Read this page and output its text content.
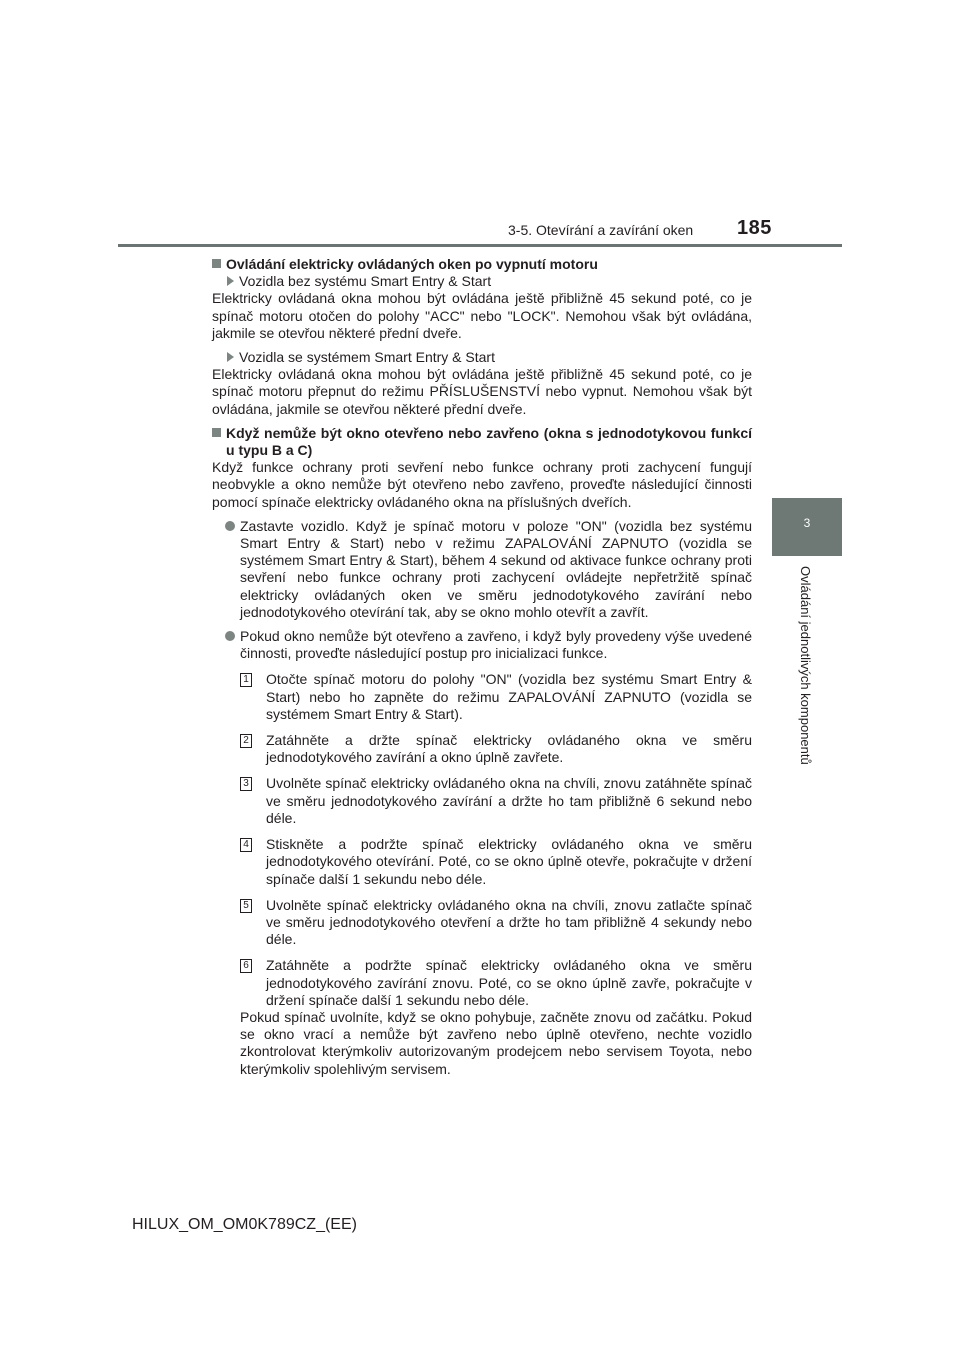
3-5. Otevírání a zavírání oken 185
3
Ovládání jednotlivých komponentů
Ovládání elektricky ovládaných oken po vypnutí motoru
Vozidla bez systému Smart Entry & Start

Elektricky ovládaná okna mohou být ovládána ještě přibližně 45 sekund poté, co je spínač motoru otočen do polohy "ACC" nebo "LOCK". Nemohou však být ovládána, jakmile se otevřou některé přední dveře.

Vozidla se systémem Smart Entry & Start

Elektricky ovládaná okna mohou být ovládána ještě přibližně 45 sekund poté, co je spínač motoru přepnut do režimu PŘÍSLUŠENSTVÍ nebo vypnut. Nemohou však být ovládána, jakmile se otevřou některé přední dveře.

Když nemůže být okno otevřeno nebo zavřeno (okna s jednodotykovou funkcí u typu B a C)

Když funkce ochrany proti sevření nebo funkce ochrany proti zachycení fungují neobvykle a okno nemůže být otevřeno nebo zavřeno, proveďte následující činnosti pomocí spínače elektricky ovládaného okna na příslušných dveřích.

Zastavte vozidlo. Když je spínač motoru v poloze "ON" (vozidla bez systému Smart Entry & Start) nebo v režimu ZAPALOVÁNÍ ZAPNUTO (vozidla se systémem Smart Entry & Start), během 4 sekund od aktivace funkce ochrany proti sevření nebo funkce ochrany proti zachycení ovládejte nepřetržitě spínač elektricky ovládaných oken ve směru jednodotykového zavírání nebo jednodotykového otevírání tak, aby se okno mohlo otevřít a zavřít.
Pokud okno nemůže být otevřeno a zavřeno, i když byly provedeny výše uvedené činnosti, proveďte následující postup pro inicializaci funkce.
1 Otočte spínač motoru do polohy "ON" (vozidla bez systému Smart Entry & Start) nebo ho zapněte do režimu ZAPALOVÁNÍ ZAPNUTO (vozidla se systémem Smart Entry & Start).
2 Zatáhněte a držte spínač elektricky ovládaného okna ve směru jednodotykového zavírání a okno úplně zavřete.
3 Uvolněte spínač elektricky ovládaného okna na chvíli, znovu zatáhněte spínač ve směru jednodotykového zavírání a držte ho tam přibližně 6 sekund nebo déle.
4 Stiskněte a podržte spínač elektricky ovládaného okna ve směru jednodotykového otevírání. Poté, co se okno úplně otevře, pokračujte v držení spínače další 1 sekundu nebo déle.
5 Uvolněte spínač elektricky ovládaného okna na chvíli, znovu zatlačte spínač ve směru jednodotykového otevření a držte ho tam přibližně 4 sekundy nebo déle.
6 Zatáhněte a podržte spínač elektricky ovládaného okna ve směru jednodotykového zavírání znovu. Poté, co se okno úplně zavře, pokračujte v držení spínače další 1 sekundu nebo déle.

Pokud spínač uvolníte, když se okno pohybuje, začněte znovu od začátku. Pokud se okno vrací a nemůže být zavřeno nebo úplně otevřeno, nechte vozidlo zkontrolovat kterýmkoliv autorizovaným prodejcem nebo servisem Toyota, nebo kterýmkoliv spolehlivým servisem.

HILUX_OM_OM0K789CZ_(EE)
